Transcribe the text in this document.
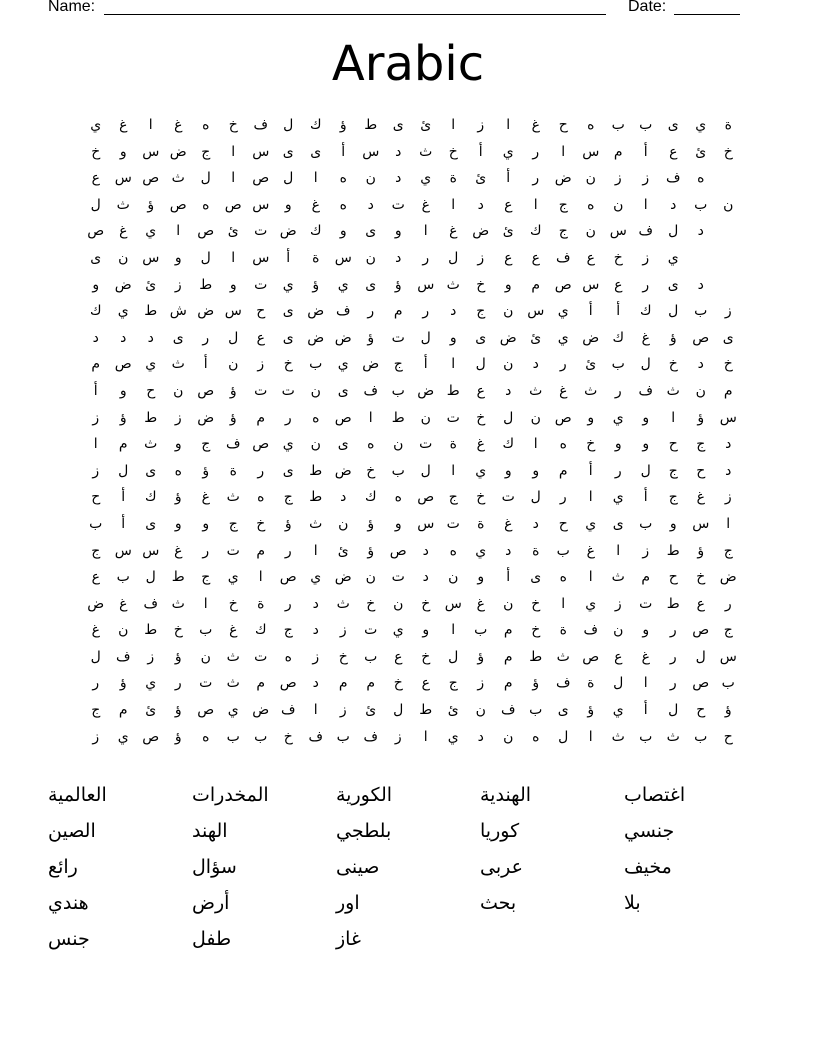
Name:	Date:
Arabic
ي	غ	ا	غ	ه	خ	ف	ل	ك	ؤ	ط	ى	ئ	ا	ز	ا	غ	ح	ه	ب	ب	ى	ي	ة
خ	و	س ض	ج	ا	س ى	ى	أ	س	د	ث	خ	أ	ي	ر	ا	س	م	أ	ع	ئ	خ
ع	س ص ث	ل	ا	ص ل	ا	ه	ن	د	ي	ة	ئ	أ	ر	ض ن	ز	ز	ف	ه
ل	ث	ؤ	ص	ه	ص س	و	غ	ه	د	ت	غ	ا	د	ع	ا	ج	ه	ن	ا	د	ب	ن
ص	غ	ي	ا	ص ئ	ت ض ك	و	ى	و	ا	غ	ض ئ	ك	ج	ن س ف	ل	د
ى	ن س	و	ل	ا	س	أ	ة	س ن	د	ر	ل	ز	ع	ع	ف	ع	خ	ز	ي
و	ض ئ	ز	ط	و	ت	ي	ؤ	ي	ى	ؤ	س ث	خ	و	م	ص س	ع	ر	ى	د
ك	ي	ط ش ض س	ح	ى ض ف	ر	م	ر	د	ج	ن س ي	أ	أ	ك	ل	ب	ز
د	د	د	ى	ر	ل	ع	ى ض ض	ؤ	ت	ل	و	ى ض ئ	ي ض ك	غ	ؤ	ص ى
م	ص ي	ث	أ	ن	ز	خ	ب	ي ض	ج	أ	ا	ل	ن	د	ر	ئ	ب	ل	خ	د	خ
أ	و	ح	ن ص	ؤ	ت	ت	ن	ى	ف ب ض ط	ع	د	ث	غ	ث	ر	ف ث	ن	م
ز	ؤ	ط	ز	ض	ؤ	م	ر	ه	ص	ا	ط	ن	ت	خ	ل	ن ص	و	ي	و	ا	ؤ	س
ا	م	ث	و	ج	ف ص ي	ن	ى	ه	ن	ت	ة	غ	ك	ا	ه	خ	و	و	ح	ج	د
ز	ل	ى	ه	ؤ	ة	ر	ى	ط ض	خ	ب	ل	ا	ي	و	و	م	أ	ر	ل	ج	ح	د
ح	أ	ك	ؤ	غ	ث	ه	ج	ط	د	ك	ه	ص	ج	خ	ت	ل	ر	ا	ي	أ	ج	غ	ز
ب	أ	ى	و	و	ج	خ	ؤ	ث	ن	ؤ	و	س ت	ة	غ	د	ح	ي	ى	ب	و	س	ا
ج	س س	غ	ر	ت	م	ر	ا	ئ	ؤ	ص	د	ه	ي	د	ة	ب	غ	ا	ز	ط	ؤ	ج
ع	ب	ل	ط	ج	ي	ا	ص ي ض ن	ت	د	ن	و	أ	ى	ه	ا	ث	م	ح	خ	ض
ض	غ	ف ث	ا	خ	ة	ر	د	ث	خ	ن	خ	س	غ	ن	خ	ا	ي	ز	ت	ط	ع	ر
غ	ن	ط	خ	ب	غ	ك	ج	د	ز	ت	ي	و	ا	ب	م	خ	ة	ف	ن	و	ر	ص	ج
ل	ف	ز	ؤ	ن	ث	ت	ه	ز	خ	ب	ع	خ	ل	ؤ	م	ط	ث ص	ع	غ	ر	ل س
ر	ؤ	ي	ر	ت	ث	م	ص	د	م	م	خ	ع	ج	ز	م	ؤ	ف	ة	ل	ا	ر	ص ب
ج	م	ئ	ؤ	ص ي ض ف	ا	ز	ئ	ل	ط	ئ	ن	ف ب	ى	ؤ	ي	أ	ل	ح	ؤ
ز	ي ص	ؤ	ه	ب	ب	خ	ف ب ف	ز	ا	ي	د	ن	ه	ل	ا	ث	ب	ث	ب	ح
العالمية	المخدرات	الكورية	الهندية	اغتصاب
الصين	الهند	بلطجي	كوريا	جنسي
رائع	سؤال	صينى	عربى	مخيف
هندي	أرض	اور	بحث	بلا
جنس	طفل	غاز
